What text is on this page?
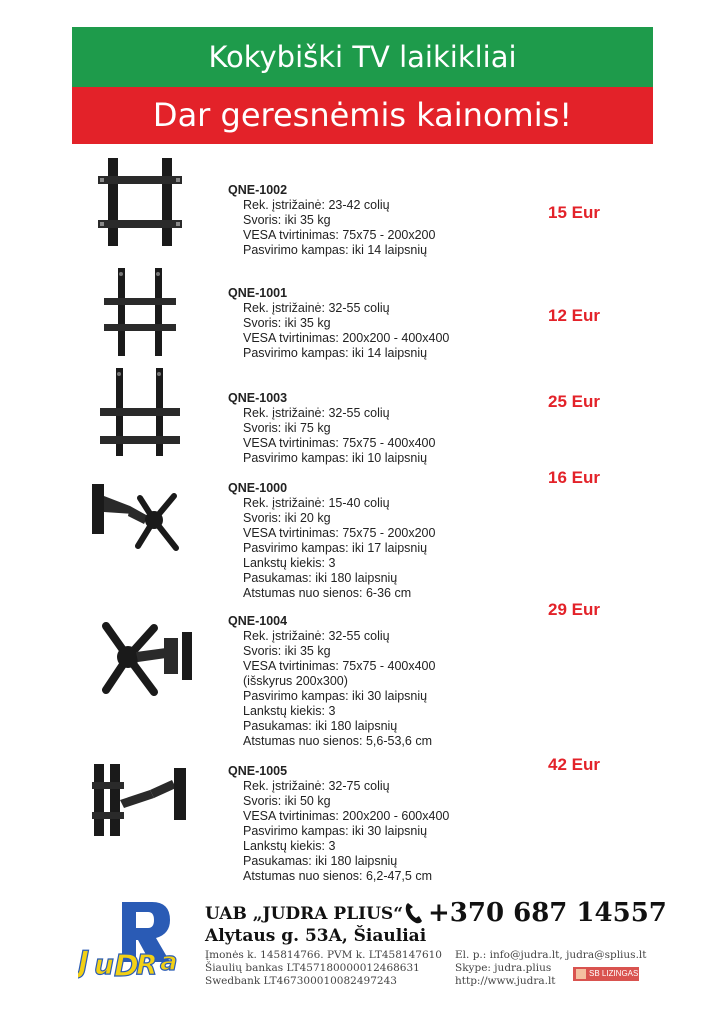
Kokybiški TV laikikliai
Dar geresnėmis kainomis!
QNE-1002
Rek. įstrižainė: 23-42 colių
Svoris: iki 35 kg
VESA tvirtinimas: 75x75 - 200x200
Pasvirimo kampas: iki 14 laipsnių
15 Eur
QNE-1001
Rek. įstrižainė: 32-55 colių
Svoris: iki 35 kg
VESA tvirtinimas: 200x200 - 400x400
Pasvirimo kampas: iki 14 laipsnių
12 Eur
QNE-1003
Rek. įstrižainė: 32-55 colių
Svoris: iki 75 kg
VESA tvirtinimas: 75x75 - 400x400
Pasvirimo kampas: iki 10 laipsnių
25 Eur
QNE-1000
Rek. įstrižainė: 15-40 colių
Svoris: iki 20 kg
VESA tvirtinimas: 75x75 - 200x200
Pasvirimo kampas: iki 17 laipsnių
Lankstų kiekis: 3
Pasukamas: iki 180 laipsnių
Atstumas nuo sienos: 6-36 cm
16 Eur
QNE-1004
Rek. įstrižainė: 32-55 colių
Svoris: iki 35 kg
VESA tvirtinimas: 75x75 - 400x400
(išskyrus 200x300)
Pasvirimo kampas: iki 30 laipsnių
Lankstų kiekis: 3
Pasukamas: iki 180 laipsnių
Atstumas nuo sienos: 5,6-53,6 cm
29 Eur
QNE-1005
Rek. įstrižainė: 32-75 colių
Svoris: iki 50 kg
VESA tvirtinimas: 200x200 - 600x400
Pasvirimo kampas: iki 30 laipsnių
Lankstų kiekis: 3
Pasukamas: iki 180 laipsnių
Atstumas nuo sienos: 6,2-47,5 cm
42 Eur
J u D
R a
UAB „JUDRA PLIUS“
Alytaus g. 53A, Šiauliai
+370 687 14557
Įmonės k. 145814766. PVM k. LT458147610
Šiaulių bankas LT457180000012468631
Swedbank LT467300010082497243
El. p.: info@judra.lt, judra@splius.lt
Skype: judra.plius
http://www.judra.lt
SB LIZINGAS
